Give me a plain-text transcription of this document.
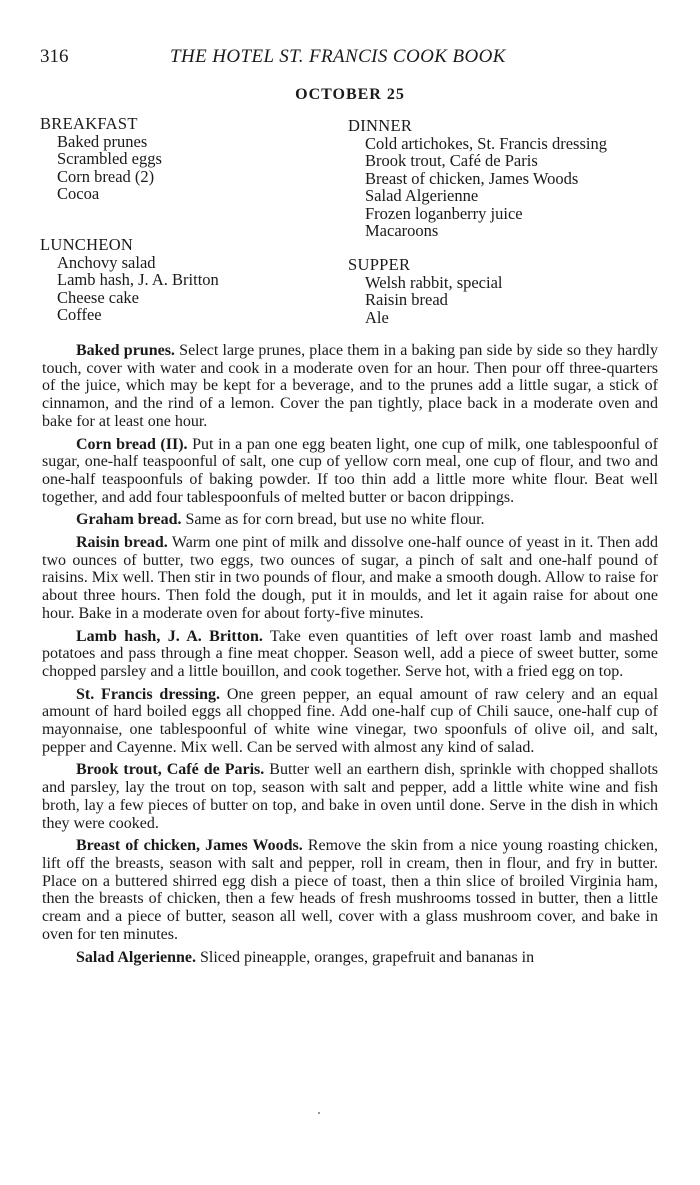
316	THE HOTEL ST. FRANCIS COOK BOOK
OCTOBER 25
BREAKFAST
Baked prunes
Scrambled eggs
Corn bread (2)
Cocoa
LUNCHEON
Anchovy salad
Lamb hash, J. A. Britton
Cheese cake
Coffee
DINNER
Cold artichokes, St. Francis dressing
Brook trout, Café de Paris
Breast of chicken, James Woods
Salad Algerienne
Frozen loganberry juice
Macaroons
SUPPER
Welsh rabbit, special
Raisin bread
Ale

Baked prunes. Select large prunes, place them in a baking pan side by side so they hardly touch, cover with water and cook in a moderate oven for an hour. Then pour off three-quarters of the juice, which may be kept for a beverage, and to the prunes add a little sugar, a stick of cinnamon, and the rind of a lemon. Cover the pan tightly, place back in a moderate oven and bake for at least one hour.

Corn bread (II). Put in a pan one egg beaten light, one cup of milk, one tablespoonful of sugar, one-half teaspoonful of salt, one cup of yellow corn meal, one cup of flour, and two and one-half teaspoonfuls of baking powder. If too thin add a little more white flour. Beat well together, and add four tablespoonfuls of melted butter or bacon drippings.

Graham bread. Same as for corn bread, but use no white flour.

Raisin bread. Warm one pint of milk and dissolve one-half ounce of yeast in it. Then add two ounces of butter, two eggs, two ounces of sugar, a pinch of salt and one-half pound of raisins. Mix well. Then stir in two pounds of flour, and make a smooth dough. Allow to raise for about three hours. Then fold the dough, put it in moulds, and let it again raise for about one hour. Bake in a moderate oven for about forty-five minutes.

Lamb hash, J. A. Britton. Take even quantities of left over roast lamb and mashed potatoes and pass through a fine meat chopper. Season well, add a piece of sweet butter, some chopped parsley and a little bouillon, and cook together. Serve hot, with a fried egg on top.

St. Francis dressing. One green pepper, an equal amount of raw celery and an equal amount of hard boiled eggs all chopped fine. Add one-half cup of Chili sauce, one-half cup of mayonnaise, one tablespoonful of white wine vinegar, two spoonfuls of olive oil, and salt, pepper and Cayenne. Mix well. Can be served with almost any kind of salad.

Brook trout, Café de Paris. Butter well an earthern dish, sprinkle with chopped shallots and parsley, lay the trout on top, season with salt and pepper, add a little white wine and fish broth, lay a few pieces of butter on top, and bake in oven until done. Serve in the dish in which they were cooked.

Breast of chicken, James Woods. Remove the skin from a nice young roasting chicken, lift off the breasts, season with salt and pepper, roll in cream, then in flour, and fry in butter. Place on a buttered shirred egg dish a piece of toast, then a thin slice of broiled Virginia ham, then the breasts of chicken, then a few heads of fresh mushrooms tossed in butter, then a little cream and a piece of butter, season all well, cover with a glass mushroom cover, and bake in oven for ten minutes.

Salad Algerienne. Sliced pineapple, oranges, grapefruit and bananas in
